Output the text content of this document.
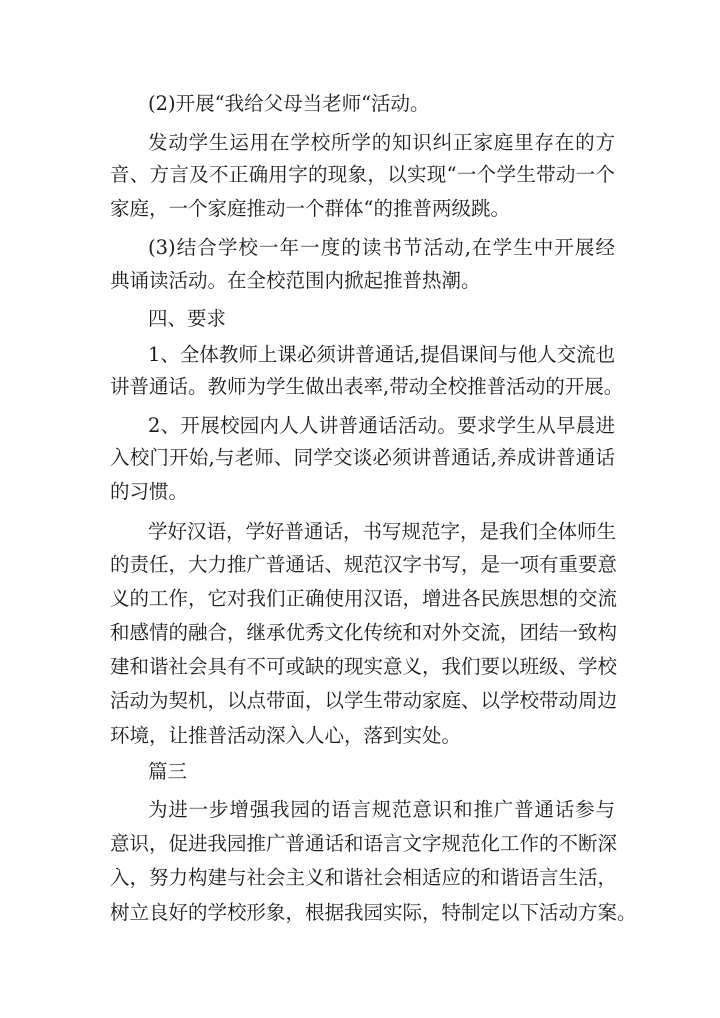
(2)开展“我给父母当老师“活动。
发动学生运用在学校所学的知识纠正家庭里存在的方
音、方言及不正确用字的现象，以实现“一个学生带动一个
家庭，一个家庭推动一个群体“的推普两级跳。
(3)结合学校一年一度的读书节活动,在学生中开展经
典诵读活动。在全校范围内掀起推普热潮。
四、要求
1、全体教师上课必须讲普通话,提倡课间与他人交流也
讲普通话。教师为学生做出表率,带动全校推普活动的开展。
2、开展校园内人人讲普通话活动。要求学生从早晨进
入校门开始,与老师、同学交谈必须讲普通话,养成讲普通话
的习惯。
学好汉语，学好普通话，书写规范字，是我们全体师生
的责任，大力推广普通话、规范汉字书写，是一项有重要意
义的工作，它对我们正确使用汉语，增进各民族思想的交流
和感情的融合，继承优秀文化传统和对外交流，团结一致构
建和谐社会具有不可或缺的现实意义，我们要以班级、学校
活动为契机，以点带面，以学生带动家庭、以学校带动周边
环境，让推普活动深入人心，落到实处。
篇三
为进一步增强我园的语言规范意识和推广普通话参与
意识，促进我园推广普通话和语言文字规范化工作的不断深
入，努力构建与社会主义和谐社会相适应的和谐语言生活，
树立良好的学校形象，根据我园实际，特制定以下活动方案。
